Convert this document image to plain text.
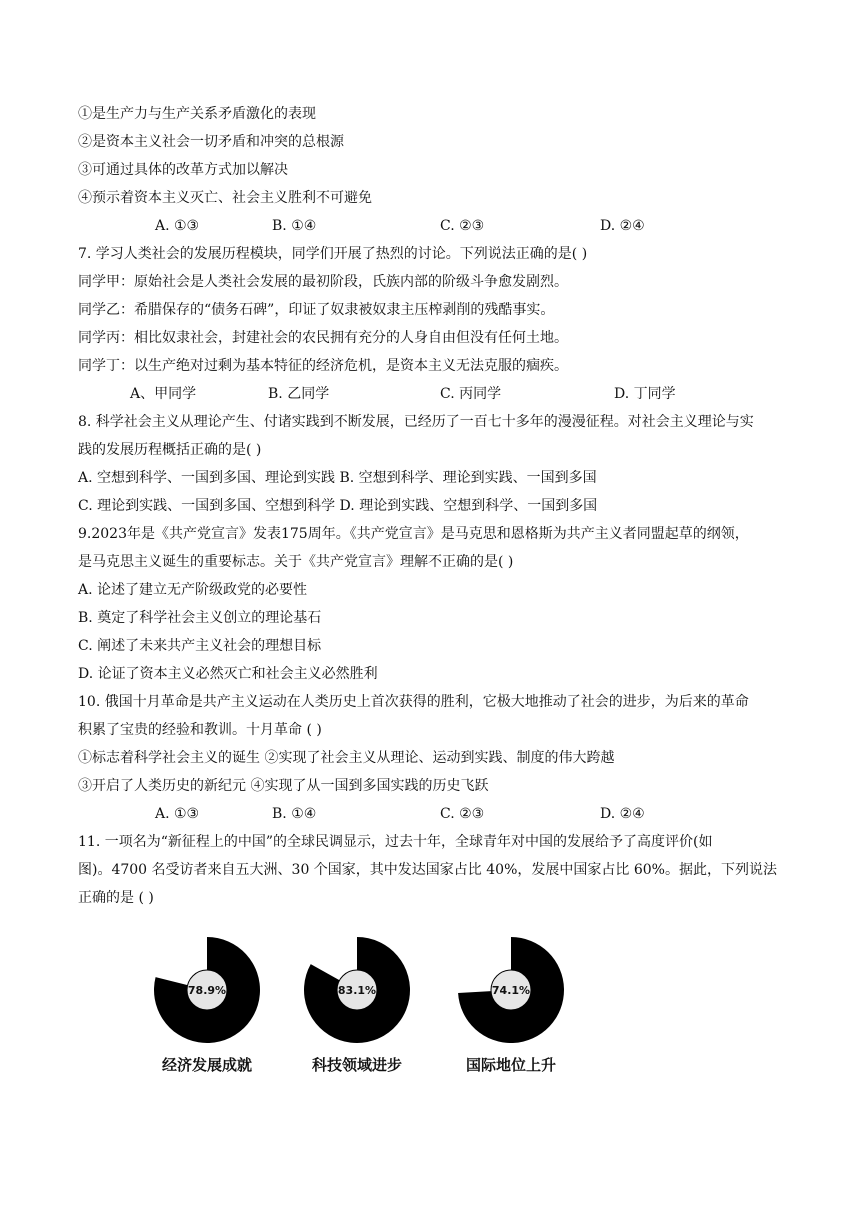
①是生产力与生产关系矛盾激化的表现
②是资本主义社会一切矛盾和冲突的总根源
③可通过具体的改革方式加以解决
④预示着资本主义灭亡、社会主义胜利不可避免
A. ①③	B. ①④	C. ②③	D. ②④
7. 学习人类社会的发展历程模块，同学们开展了热烈的讨论。下列说法正确的是( )
同学甲：原始社会是人类社会发展的最初阶段，氏族内部的阶级斗争愈发剧烈。
同学乙：希腊保存的“债务石碑”，印证了奴隶被奴隶主压榨剥削的残酷事实。
同学丙：相比奴隶社会，封建社会的农民拥有充分的人身自由但没有任何土地。
同学丁：以生产绝对过剩为基本特征的经济危机，是资本主义无法克服的痼疾。
A、甲同学	B. 乙同学	C. 丙同学	D. 丁同学
8. 科学社会主义从理论产生、付诸实践到不断发展，已经历了一百七十多年的漫漫征程。对社会主义理论与实
践的发展历程概括正确的是( )
A. 空想到科学、一国到多国、理论到实践 B. 空想到科学、理论到实践、一国到多国
C. 理论到实践、一国到多国、空想到科学 D. 理论到实践、空想到科学、一国到多国
9.2023年是《共产党宣言》发表175周年。《共产党宣言》是马克思和恩格斯为共产主义者同盟起草的纲领，
是马克思主义诞生的重要标志。关于《共产党宣言》理解不正确的是( )
A. 论述了建立无产阶级政党的必要性
B. 奠定了科学社会主义创立的理论基石
C. 阐述了未来共产主义社会的理想目标
D. 论证了资本主义必然灭亡和社会主义必然胜利
10. 俄国十月革命是共产主义运动在人类历史上首次获得的胜利，它极大地推动了社会的进步，为后来的革命
积累了宝贵的经验和教训。十月革命 ( )
①标志着科学社会主义的诞生 ②实现了社会主义从理论、运动到实践、制度的伟大跨越
③开启了人类历史的新纪元 ④实现了从一国到多国实践的历史飞跃
A. ①③	B. ①④	C. ②③	D. ②④
11. 一项名为“新征程上的中国”的全球民调显示，过去十年，全球青年对中国的发展给予了高度评价(如
图)。4700 名受访者来自五大洲、30 个国家，其中发达国家占比 40%，发展中国家占比 60%。据此，下列说法
正确的是 ( )
78.9%
经济发展成就
83.1%
科技领域进步
74.1%
国际地位上升
